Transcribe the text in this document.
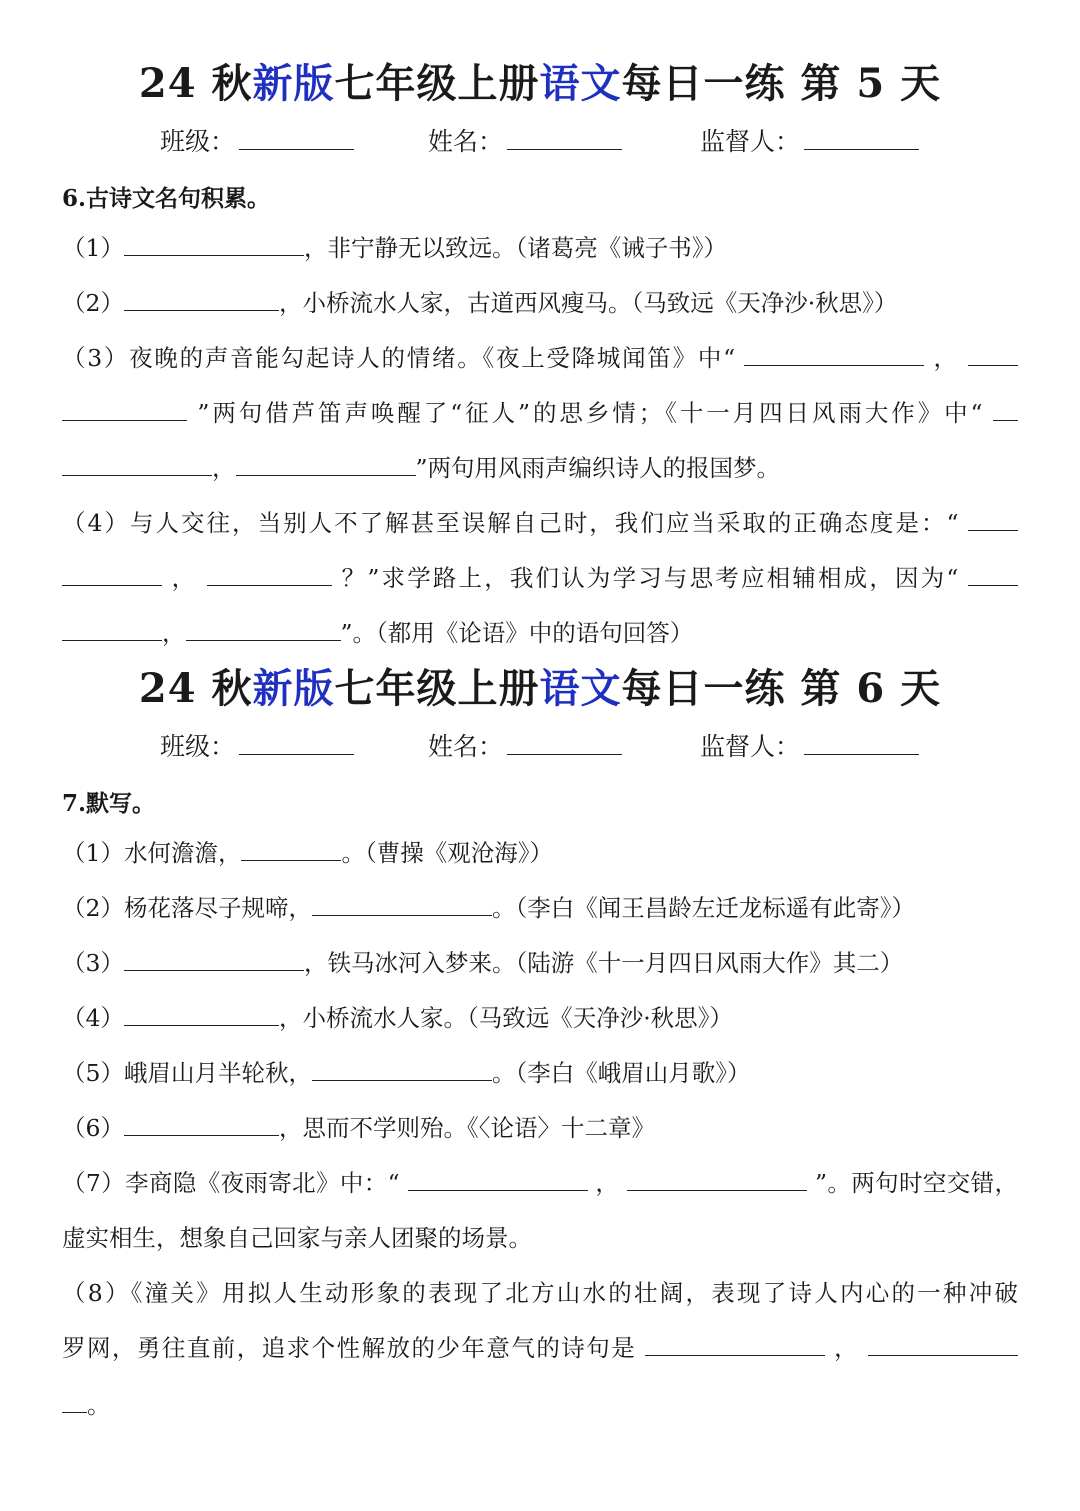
24 秋新版七年级上册语文每日一练 第 5 天
班级：	姓名：	监督人：
6.古诗文名句积累。
（1）	，非宁静无以致远。（诸葛亮《诫子书》）
（2）	，小桥流水人家，古道西风瘦马。（马致远《天净沙·秋思》）
（3）夜晚的声音能勾起诗人的情绪。《夜上受降城闻笛》中“	，
”两句借芦笛声唤醒了“征人”的思乡情；《十一月四日风雨大作》中“
，	”两句用风雨声编织诗人的报国梦。
（4）与人交往，当别人不了解甚至误解自己时，我们应当采取的正确态度是：“
，	？”求学路上，我们认为学习与思考应相辅相成，因为“
，	”。（都用《论语》中的语句回答）
24 秋新版七年级上册语文每日一练 第 6 天
班级：	姓名：	监督人：
7.默写。
（1）水何澹澹，	。（曹操《观沧海》）
（2）杨花落尽子规啼，	。（李白《闻王昌龄左迁龙标遥有此寄》）
（3）	，铁马冰河入梦来。（陆游《十一月四日风雨大作》其二）
（4）	，小桥流水人家。（马致远《天净沙·秋思》）
（5）峨眉山月半轮秋，	。（李白《峨眉山月歌》）
（6）	，思而不学则殆。《〈论语〉十二章》
（7）李商隐《夜雨寄北》中：“	，	”。两句时空交错，
虚实相生，想象自己回家与亲人团聚的场景。
（8）《潼关》用拟人生动形象的表现了北方山水的壮阔，表现了诗人内心的一种冲破
罗网，勇往直前，追求个性解放的少年意气的诗句是	，
。
